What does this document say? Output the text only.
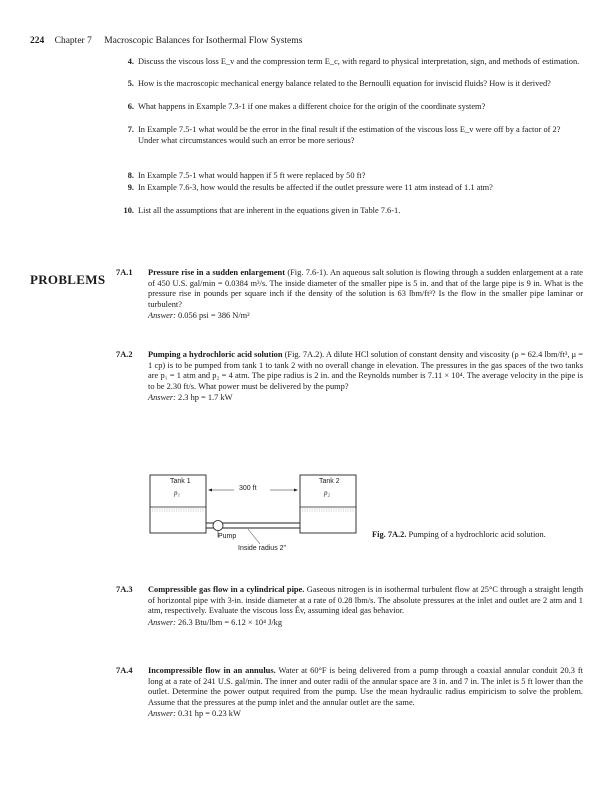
224 Chapter 7 Macroscopic Balances for Isothermal Flow Systems
4. Discuss the viscous loss E_v and the compression term E_c, with regard to physical interpretation, sign, and methods of estimation.
5. How is the macroscopic mechanical energy balance related to the Bernoulli equation for inviscid fluids? How is it derived?
6. What happens in Example 7.3-1 if one makes a different choice for the origin of the coordinate system?
7. In Example 7.5-1 what would be the error in the final result if the estimation of the viscous loss E_v were off by a factor of 2? Under what circumstances would such an error be more serious?
8. In Example 7.5-1 what would happen if 5 ft were replaced by 50 ft?
9. In Example 7.6-3, how would the results be affected if the outlet pressure were 11 atm instead of 1.1 atm?
10. List all the assumptions that are inherent in the equations given in Table 7.6-1.
PROBLEMS 7A.1 Pressure rise in a sudden enlargement (Fig. 7.6-1). An aqueous salt solution is flowing through a sudden enlargement at a rate of 450 U.S. gal/min = 0.0384 m³/s. The inside diameter of the smaller pipe is 5 in. and that of the large pipe is 9 in. What is the pressure rise in pounds per square inch if the density of the solution is 63 lbm/ft³? Is the flow in the smaller pipe laminar or turbulent?
Answer: 0.056 psi = 386 N/m²
7A.2 Pumping a hydrochloric acid solution (Fig. 7A.2). A dilute HCl solution of constant density and viscosity (ρ = 62.4 lbm/ft³, μ = 1 cp) is to be pumped from tank 1 to tank 2 with no overall change in elevation. The pressures in the gas spaces of the two tanks are p₁ = 1 atm and p₂ = 4 atm. The pipe radius is 2 in. and the Reynolds number is 7.11 × 10⁴. The average velocity in the pipe is to be 2.30 ft/s. What power must be delivered by the pump?
Answer: 2.3 hp = 1.7 kW
Tank 1
p₁
Tank 2
p₂
300 ft
Pump
Inside radius 2"
Fig. 7A.2. Pumping of a hydrochloric acid solution.
7A.3 Compressible gas flow in a cylindrical pipe. Gaseous nitrogen is in isothermal turbulent flow at 25°C through a straight length of horizontal pipe with 3-in. inside diameter at a rate of 0.28 lbm/s. The absolute pressures at the inlet and outlet are 2 atm and 1 atm, respectively. Evaluate the viscous loss Êv, assuming ideal gas behavior.
Answer: 26.3 Btu/lbm = 6.12 × 10⁴ J/kg
7A.4 Incompressible flow in an annulus. Water at 60°F is being delivered from a pump through a coaxial annular conduit 20.3 ft long at a rate of 241 U.S. gal/min. The inner and outer radii of the annular space are 3 in. and 7 in. The inlet is 5 ft lower than the outlet. Determine the power output required from the pump. Use the mean hydraulic radius empiricism to solve the problem. Assume that the pressures at the pump inlet and the annular outlet are the same.
Answer: 0.31 hp = 0.23 kW
